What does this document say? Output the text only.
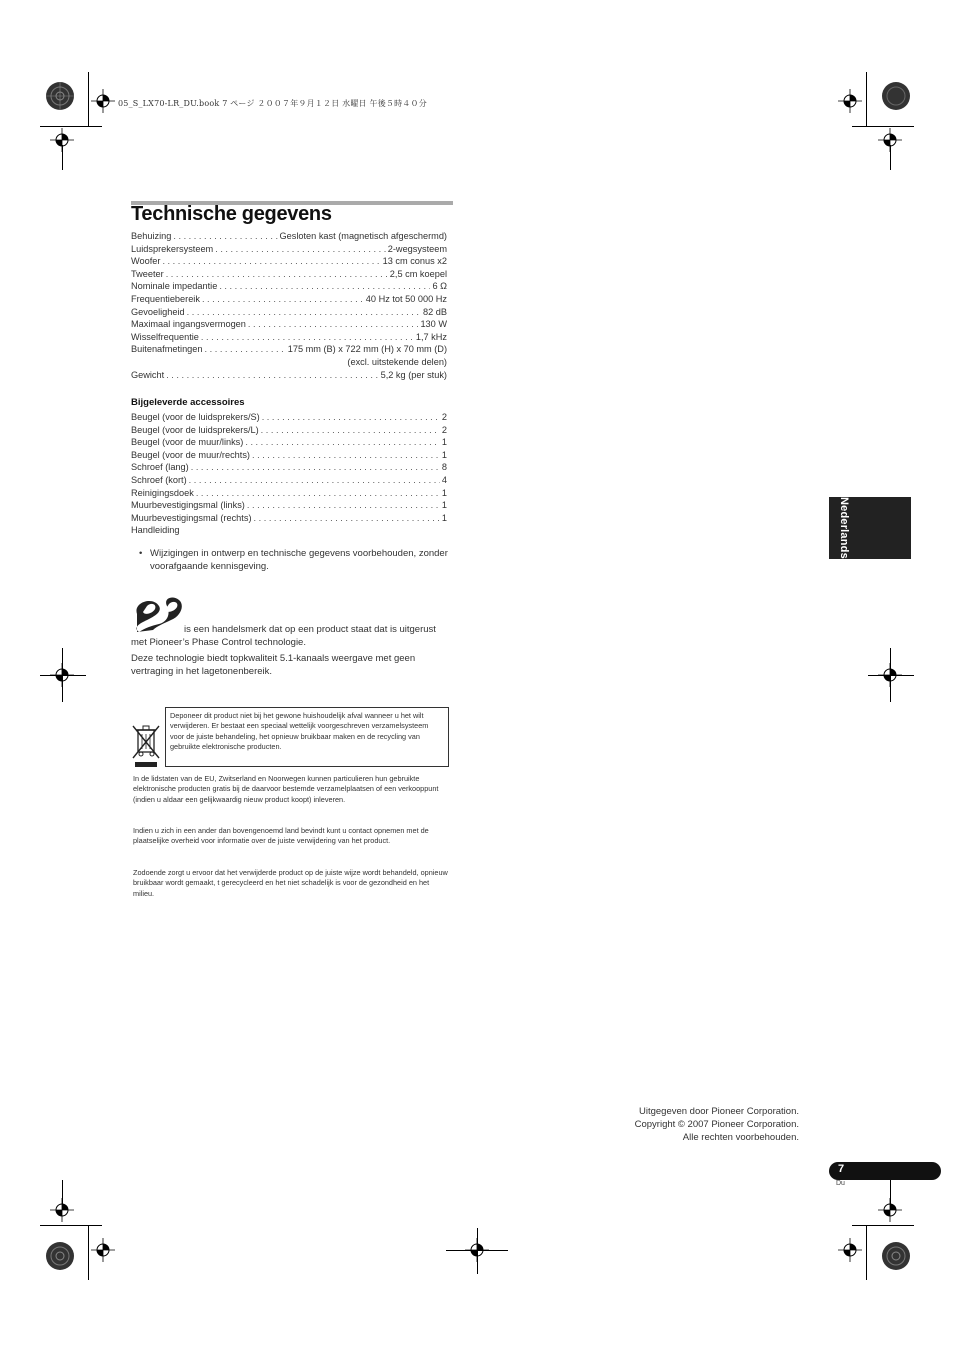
05_S_LX70-LR_DU.book 7 ページ ２００７年９月１２日 水曜日 午後５時４０分
Technische gegevens
Behuizing . . .	Gesloten kast (magnetisch afgeschermd)
Luidsprekersysteem . . .	2-wegsysteem
Woofer . . .	13 cm conus x2
Tweeter . . .	2,5 cm koepel
Nominale impedantie . . .	6 Ω
Frequentiebereik . . .	40 Hz tot 50 000 Hz
Gevoeligheid . . .	82 dB
Maximaal ingangsvermogen . . .	130 W
Wisselfrequentie . . .	1,7 kHz
Buitenafmetingen . . .	175 mm (B) x 722 mm (H) x 70 mm (D)
(excl. uitstekende delen)
Gewicht . . .	5,2 kg (per stuk)
Bijgeleverde accessoires
Beugel (voor de luidsprekers/S) . . .	2
Beugel (voor de luidsprekers/L) . . .	2
Beugel (voor de muur/links) . . .	1
Beugel (voor de muur/rechts) . . .	1
Schroef (lang) . . .	8
Schroef (kort) . . .	4
Reinigingsdoek . . .	1
Muurbevestigingsmal (links) . . .	1
Muurbevestigingsmal (rechts) . . .	1
Handleiding
• Wijzigingen in ontwerp en technische gegevens voorbehouden, zonder voorafgaande kennisgeving.
is een handelsmerk dat op een product staat dat is uitgerust met Pioneer’s Phase Control technologie.
Deze technologie biedt topkwaliteit 5.1-kanaals weergave met geen vertraging in het lagetonenbereik.
Deponeer dit product niet bij het gewone huishoudelijk afval wanneer u het wilt verwijderen. Er bestaat een speciaal wettelijk voorgeschreven verzamelsysteem voor de juiste behandeling, het opnieuw bruikbaar maken en de recycling van gebruikte elektronische producten.
In de lidstaten van de EU, Zwitserland en Noorwegen kunnen particulieren hun gebruikte elektronische producten gratis bij de daarvoor bestemde verzamelplaatsen of een verkooppunt (indien u aldaar een gelijkwaardig nieuw product koopt) inleveren.
Indien u zich in een ander dan bovengenoemd land bevindt kunt u contact opnemen met de plaatselijke overheid voor informatie over de juiste verwijdering van het product.
Zodoende zorgt u ervoor dat het verwijderde product op de juiste wijze wordt behandeld, opnieuw bruikbaar wordt gemaakt, t gerecycleerd en het niet schadelijk is voor de gezondheid en het milieu.
Nederlands
Uitgegeven door Pioneer Corporation.
Copyright © 2007 Pioneer Corporation.
Alle rechten voorbehouden.
7
Du
